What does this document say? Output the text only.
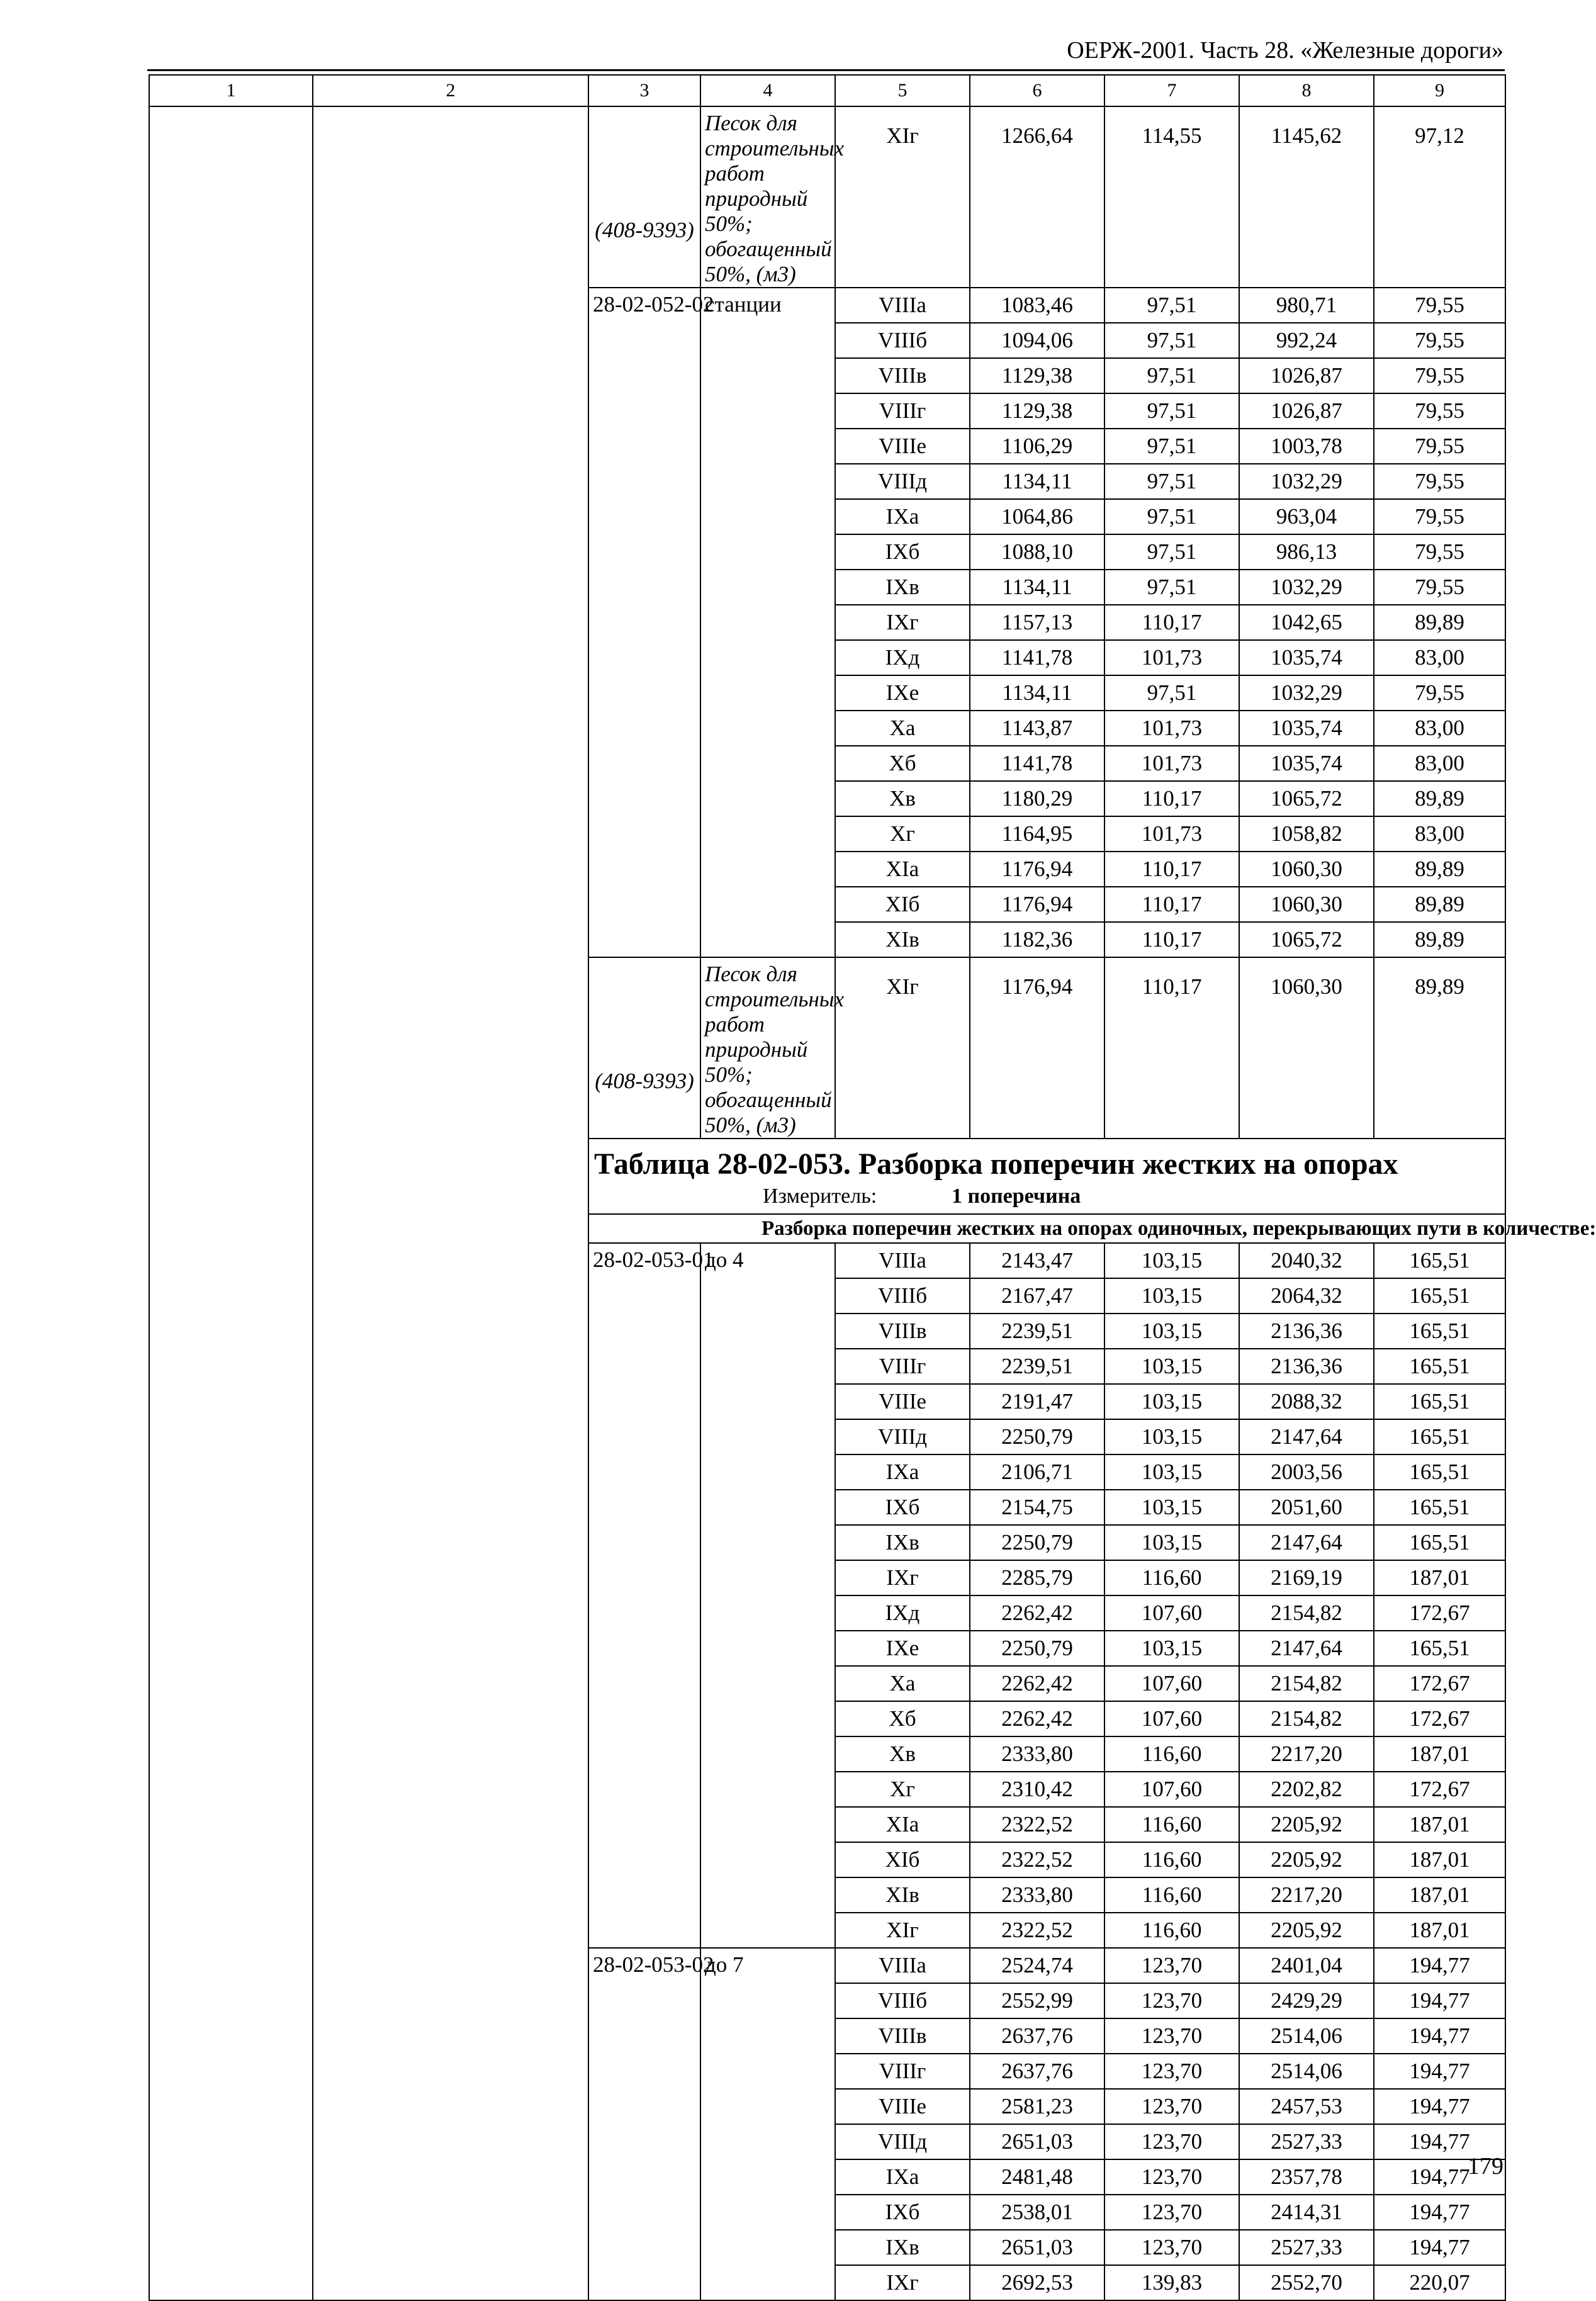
ОЕРЖ-2001. Часть 28. «Железные дороги»
1	2	3	4	5	6	7	8	9	

		(408-9393)	Песок для строительных работ природный 50%; обогащенный 50%, (м3)	XIг	1266,64	114,55	1145,62	97,12		

		28-02-052-02	станции	VIIIа	1083,46	97,51	980,71	79,55		
				VIIIб	1094,06	97,51	992,24	79,55	
				VIIIв	1129,38	97,51	1026,87	79,55	
				VIIIг	1129,38	97,51	1026,87	79,55	
				VIIIе	1106,29	97,51	1003,78	79,55	
				VIIIд	1134,11	97,51	1032,29	79,55	
				IXа	1064,86	97,51	963,04	79,55	
				IXб	1088,10	97,51	986,13	79,55	
				IXв	1134,11	97,51	1032,29	79,55	
				IXг	1157,13	110,17	1042,65	89,89	
				IXд	1141,78	101,73	1035,74	83,00	
				IXе	1134,11	97,51	1032,29	79,55	
				Xа	1143,87	101,73	1035,74	83,00	
				Xб	1141,78	101,73	1035,74	83,00	
				Xв	1180,29	110,17	1065,72	89,89	
				Xг	1164,95	101,73	1058,82	83,00	
				XIа	1176,94	110,17	1060,30	89,89	
				XIб	1176,94	110,17	1060,30	89,89	
				XIв	1182,36	110,17	1065,72	89,89	

		(408-9393)	Песок для строительных работ природный 50%; обогащенный 50%, (м3)	XIг	1176,94	110,17	1060,30	89,89	

		Таблица 28-02-053. Разборка поперечин жестких на опорах
Измеритель: 1 поперечина							

		Разборка поперечин жестких на опорах одиночных, перекрывающих пути в количестве:							
		28-02-053-01	до 4	VIIIа	2143,47	103,15	2040,32	165,51		
				VIIIб	2167,47	103,15	2064,32	165,51	
				VIIIв	2239,51	103,15	2136,36	165,51	
				VIIIг	2239,51	103,15	2136,36	165,51	
				VIIIе	2191,47	103,15	2088,32	165,51	
				VIIIд	2250,79	103,15	2147,64	165,51	
				IXа	2106,71	103,15	2003,56	165,51	
				IXб	2154,75	103,15	2051,60	165,51	
				IXв	2250,79	103,15	2147,64	165,51	
				IXг	2285,79	116,60	2169,19	187,01	
				IXд	2262,42	107,60	2154,82	172,67	
				IXе	2250,79	103,15	2147,64	165,51	
				Xа	2262,42	107,60	2154,82	172,67	
				Xб	2262,42	107,60	2154,82	172,67	
				Xв	2333,80	116,60	2217,20	187,01	
				Xг	2310,42	107,60	2202,82	172,67	
				XIа	2322,52	116,60	2205,92	187,01	
				XIб	2322,52	116,60	2205,92	187,01	
				XIв	2333,80	116,60	2217,20	187,01	
				XIг	2322,52	116,60	2205,92	187,01	
		28-02-053-02	до 7	VIIIа	2524,74	123,70	2401,04	194,77		
				VIIIб	2552,99	123,70	2429,29	194,77	
				VIIIв	2637,76	123,70	2514,06	194,77	
				VIIIг	2637,76	123,70	2514,06	194,77	
				VIIIе	2581,23	123,70	2457,53	194,77	
				VIIIд	2651,03	123,70	2527,33	194,77	
				IXа	2481,48	123,70	2357,78	194,77	
				IXб	2538,01	123,70	2414,31	194,77	
				IXв	2651,03	123,70	2527,33	194,77	
				IXг	2692,53	139,83	2552,70	220,07	
179
